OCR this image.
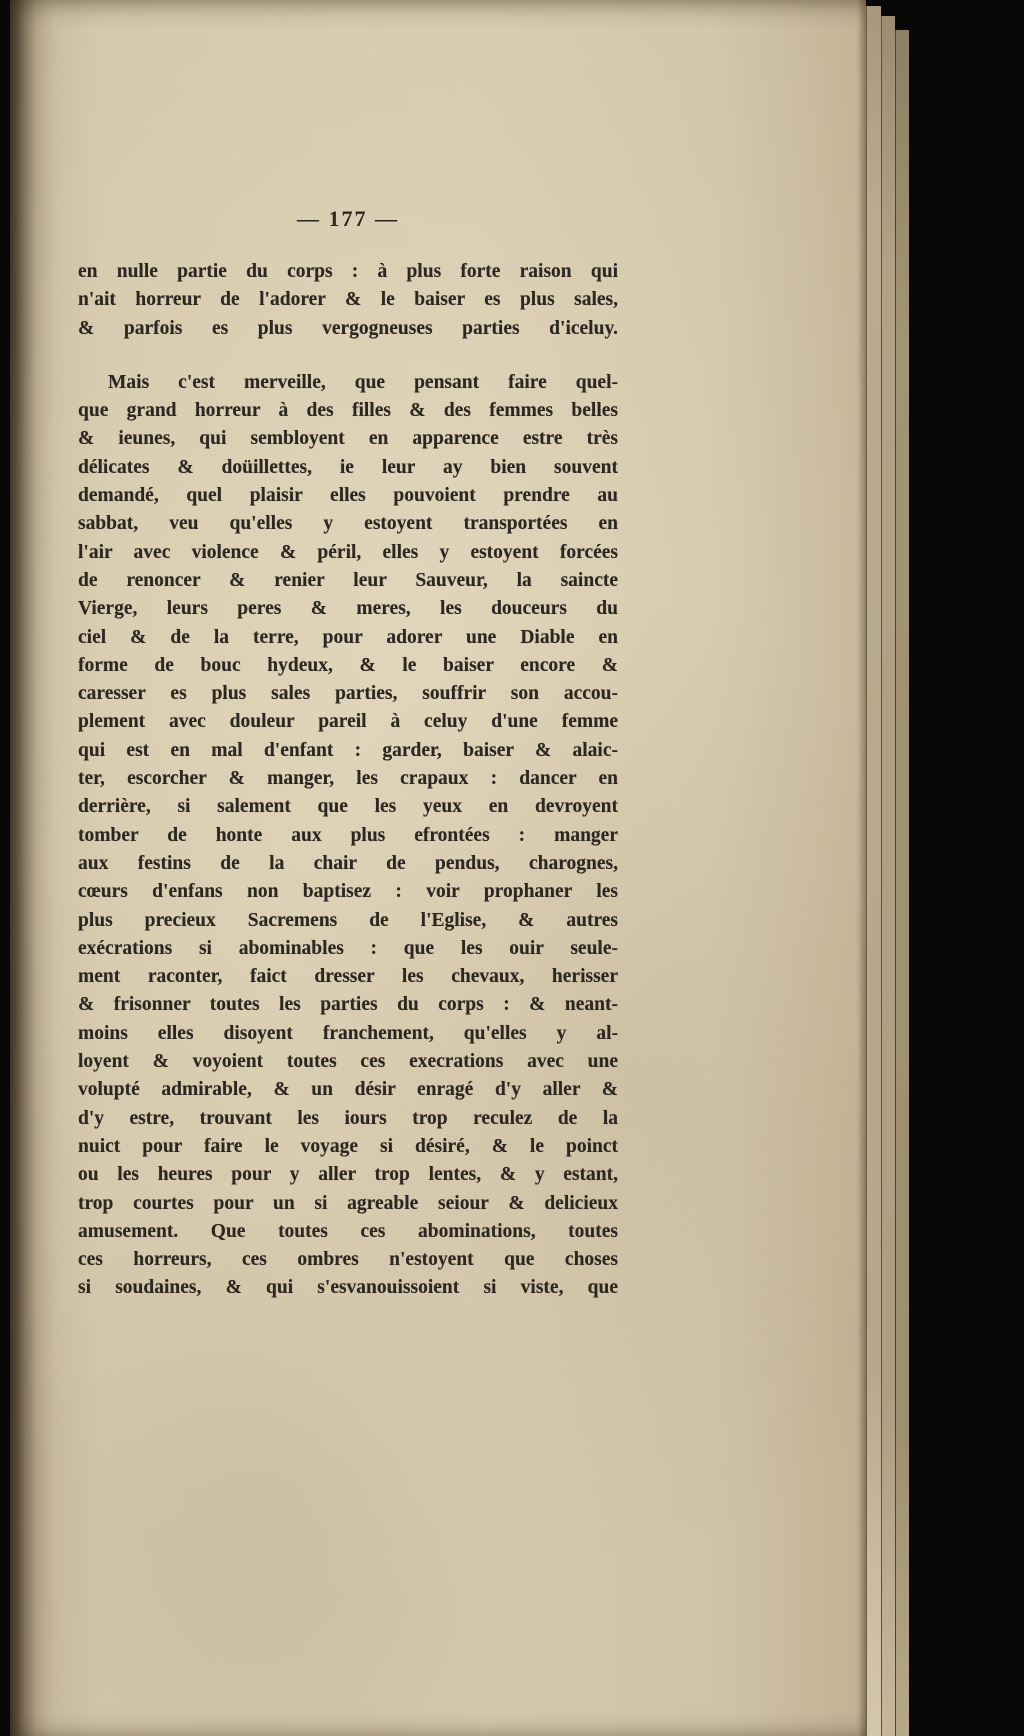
— 177 —
en nulle partie du corps : à plus forte raison qui
n'ait horreur de l'adorer & le baiser es plus sales,
& parfois es plus vergogneuses parties d'iceluy.
Mais c'est merveille, que pensant faire quel-
que grand horreur à des filles & des femmes belles
& ieunes, qui sembloyent en apparence estre très
délicates & doüillettes, ie leur ay bien souvent
demandé, quel plaisir elles pouvoient prendre au
sabbat, veu qu'elles y estoyent transportées en
l'air avec violence & péril, elles y estoyent forcées
de renoncer & renier leur Sauveur, la saincte
Vierge, leurs peres & meres, les douceurs du
ciel & de la terre, pour adorer une Diable en
forme de bouc hydeux, & le baiser encore &
caresser es plus sales parties, souffrir son accou-
plement avec douleur pareil à celuy d'une femme
qui est en mal d'enfant : garder, baiser & alaic-
ter, escorcher & manger, les crapaux : dancer en
derrière, si salement que les yeux en devroyent
tomber de honte aux plus efrontées : manger
aux festins de la chair de pendus, charognes,
cœurs d'enfans non baptisez : voir prophaner les
plus precieux Sacremens de l'Eglise, & autres
exécrations si abominables : que les ouir seule-
ment raconter, faict dresser les chevaux, herisser
& frisonner toutes les parties du corps : & neant-
moins elles disoyent franchement, qu'elles y al-
loyent & voyoient toutes ces execrations avec une
volupté admirable, & un désir enragé d'y aller &
d'y estre, trouvant les iours trop reculez de la
nuict pour faire le voyage si désiré, & le poinct
ou les heures pour y aller trop lentes, & y estant,
trop courtes pour un si agreable seiour & delicieux
amusement. Que toutes ces abominations, toutes
ces horreurs, ces ombres n'estoyent que choses
si soudaines, & qui s'esvanouissoient si viste, que
